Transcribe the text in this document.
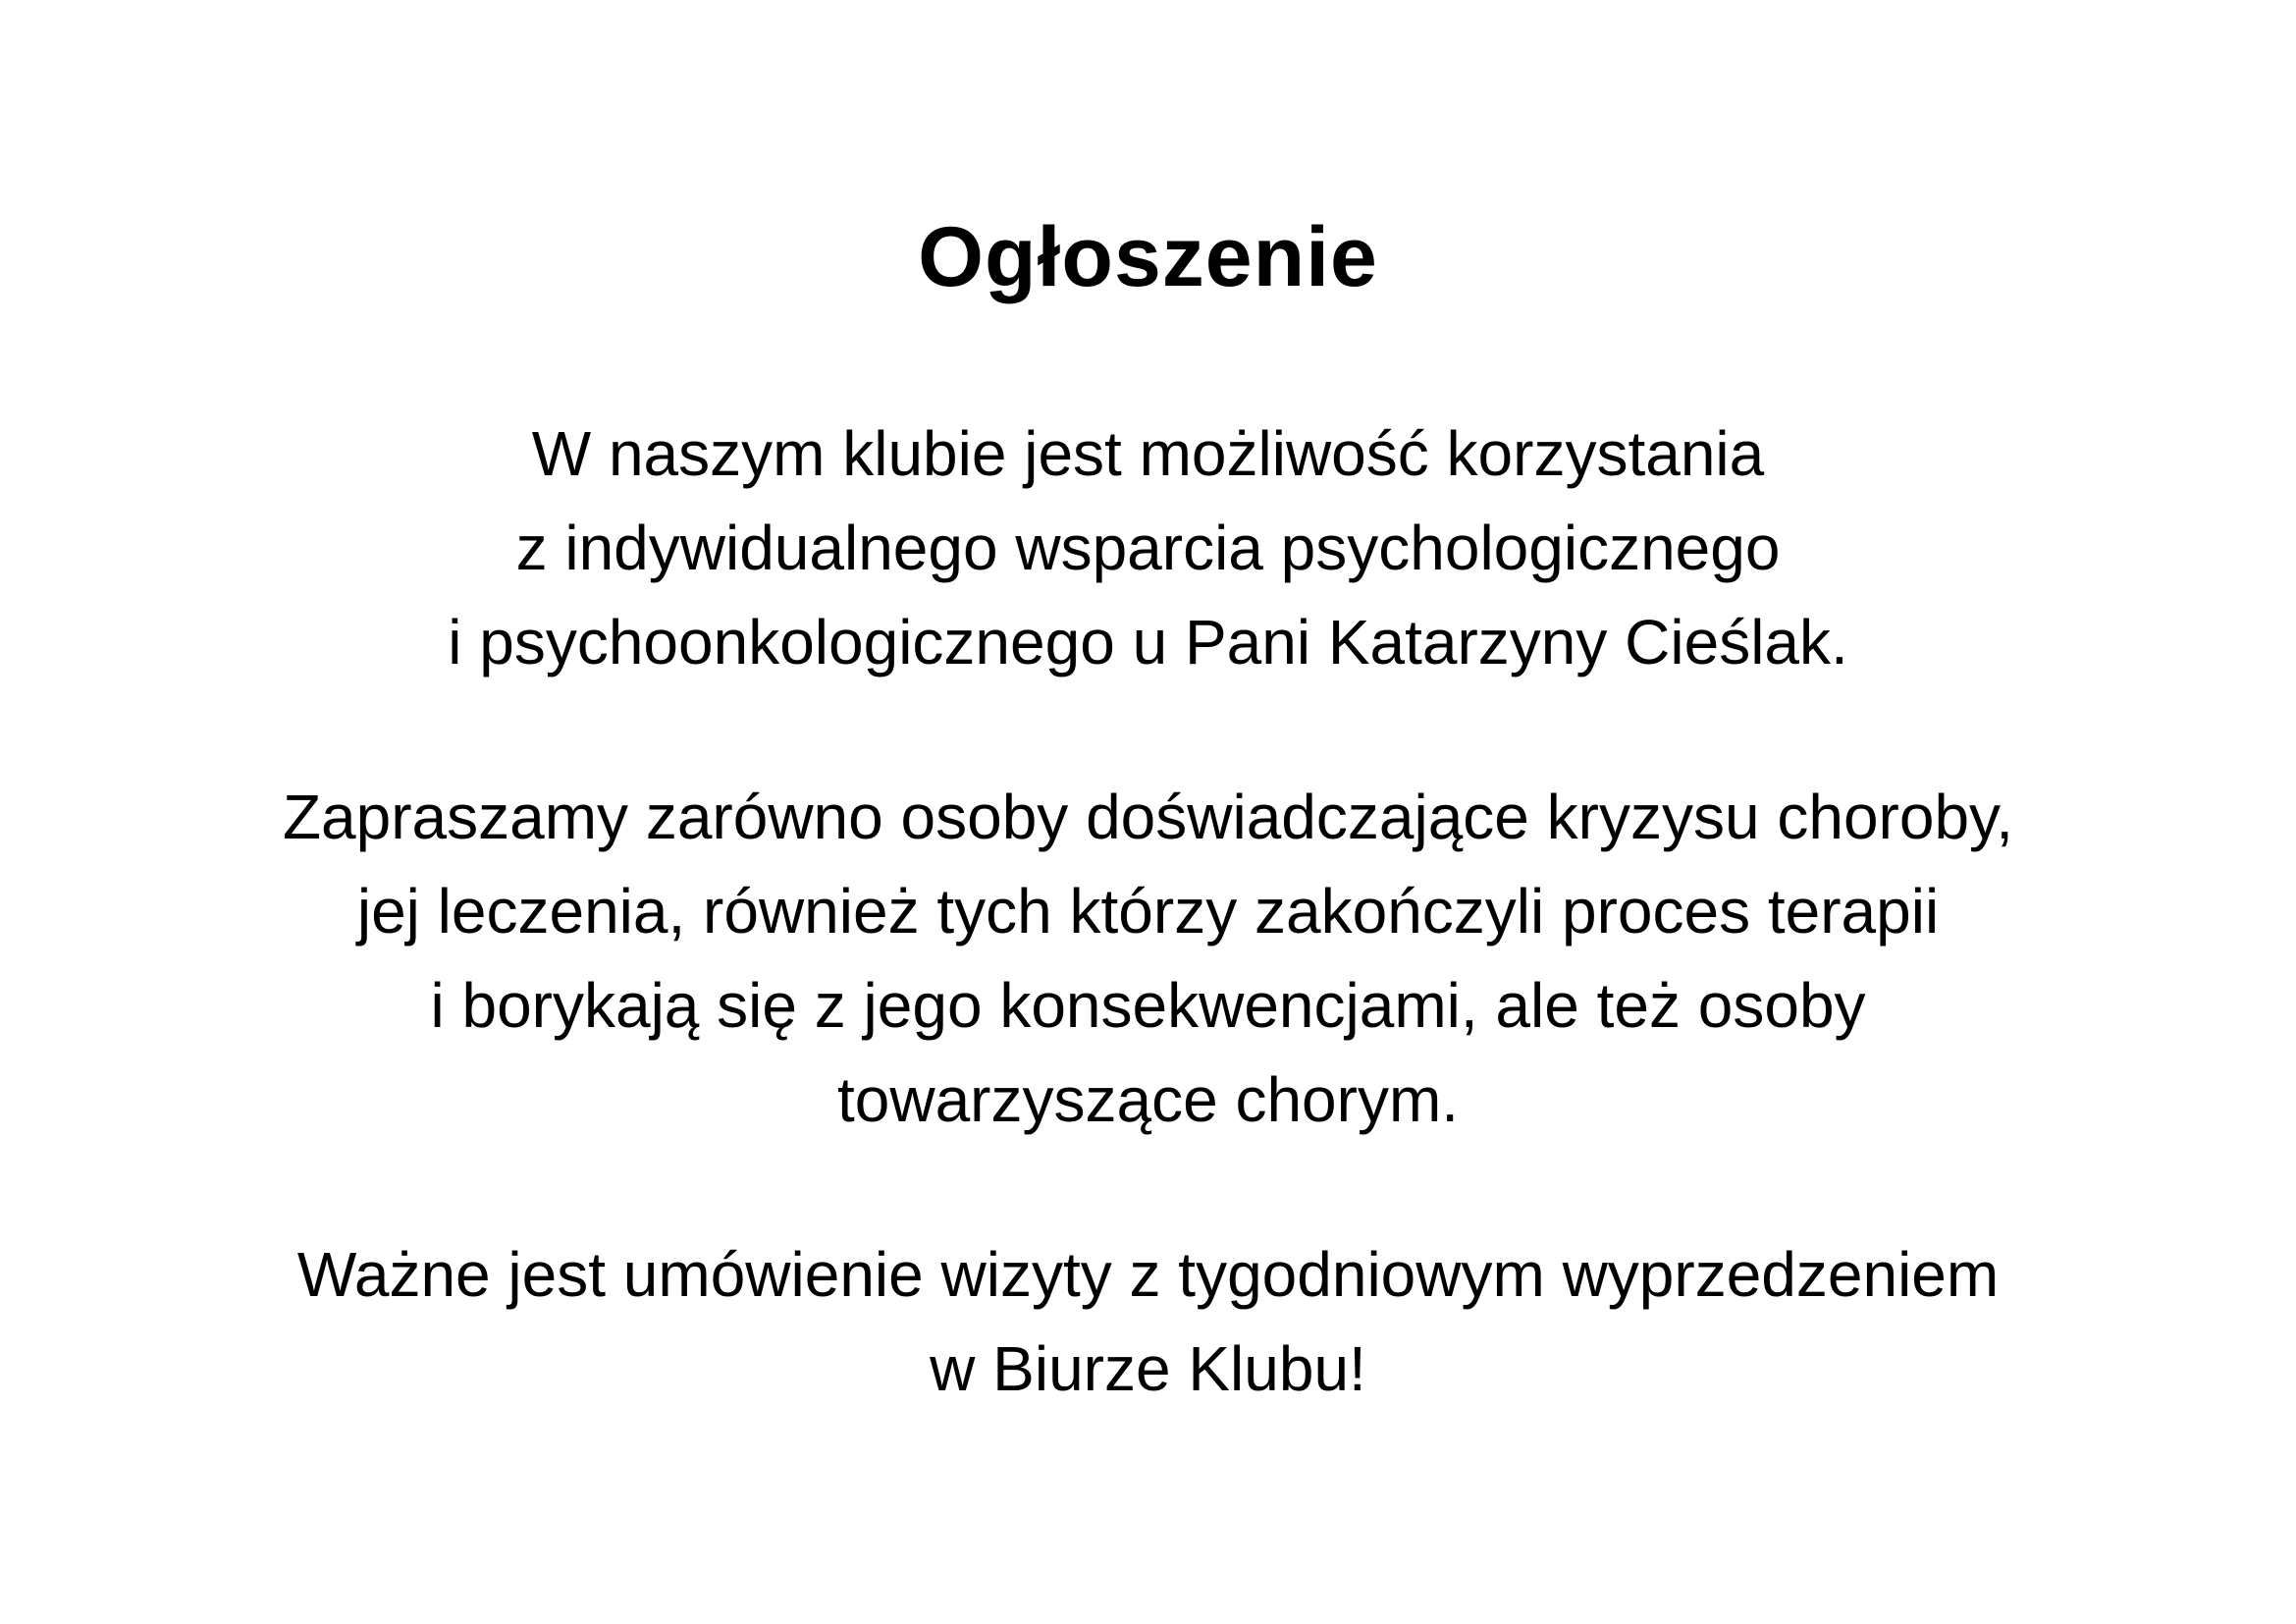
Ogłoszenie

W naszym klubie jest możliwość korzystania
z indywidualnego wsparcia psychologicznego
i psychoonkologicznego u Pani Katarzyny Cieślak.

Zapraszamy zarówno osoby doświadczające kryzysu choroby,
jej leczenia, również tych którzy zakończyli proces terapii
i borykają się z jego konsekwencjami, ale też osoby
towarzyszące chorym.

Ważne jest umówienie wizyty z tygodniowym wyprzedzeniem
w Biurze Klubu!
